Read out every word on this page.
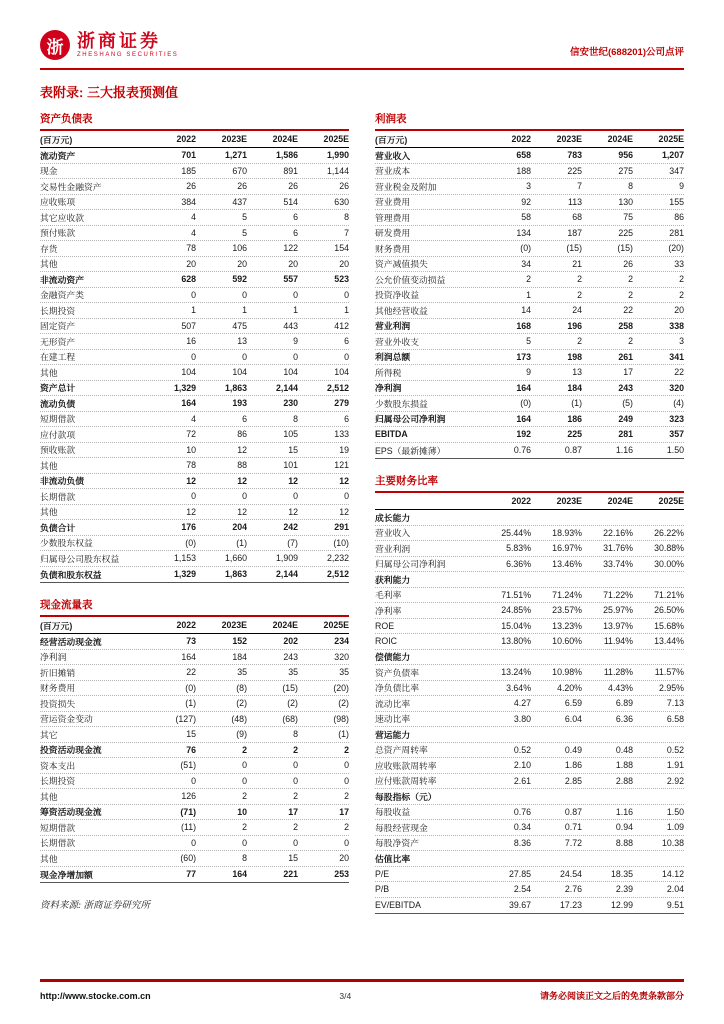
浙 浙商证券
ZHESHANG SECURITIES	信安世纪(688201)公司点评
表附录: 三大报表预测值
资产负债表
(百万元)	2022	2023E	2024E	2025E
流动资产	701	1,271	1,586	1,990
现金	185	670	891	1,144
交易性金融资产	26	26	26	26
应收账项	384	437	514	630
其它应收款	4	5	6	8
预付账款	4	5	6	7
存货	78	106	122	154
其他	20	20	20	20
非流动资产	628	592	557	523
金融资产类	0	0	0	0
长期投资	1	1	1	1
固定资产	507	475	443	412
无形资产	16	13	9	6
在建工程	0	0	0	0
其他	104	104	104	104
资产总计	1,329	1,863	2,144	2,512
流动负债	164	193	230	279
短期借款	4	6	8	6
应付款项	72	86	105	133
预收账款	10	12	15	19
其他	78	88	101	121
非流动负债	12	12	12	12
长期借款	0	0	0	0
其他	12	12	12	12
负债合计	176	204	242	291
少数股东权益	(0)	(1)	(7)	(10)
归属母公司股东权益	1,153	1,660	1,909	2,232
负债和股东权益	1,329	1,863	2,144	2,512
现金流量表
(百万元)	2022	2023E	2024E	2025E
经营活动现金流	73	152	202	234
净利润	164	184	243	320
折旧摊销	22	35	35	35
财务费用	(0)	(8)	(15)	(20)
投资损失	(1)	(2)	(2)	(2)
营运资金变动	(127)	(48)	(68)	(98)
其它	15	(9)	8	(1)
投资活动现金流	76	2	2	2
资本支出	(51)	0	0	0
长期投资	0	0	0	0
其他	126	2	2	2
筹资活动现金流	(71)	10	17	17
短期借款	(11)	2	2	2
长期借款	0	0	0	0
其他	(60)	8	15	20
现金净增加额	77	164	221	253
资料来源: 浙商证券研究所
利润表
(百万元)	2022	2023E	2024E	2025E
营业收入	658	783	956	1,207
营业成本	188	225	275	347
营业税金及附加	3	7	8	9
营业费用	92	113	130	155
管理费用	58	68	75	86
研发费用	134	187	225	281
财务费用	(0)	(15)	(15)	(20)
资产减值损失	34	21	26	33
公允价值变动损益	2	2	2	2
投资净收益	1	2	2	2
其他经营收益	14	24	22	20
营业利润	168	196	258	338
营业外收支	5	2	2	3
利润总额	173	198	261	341
所得税	9	13	17	22
净利润	164	184	243	320
少数股东损益	(0)	(1)	(5)	(4)
归属母公司净利润	164	186	249	323
EBITDA	192	225	281	357
EPS（最新摊薄）	0.76	0.87	1.16	1.50
主要财务比率
2022	2023E	2024E	2025E
成长能力
营业收入	25.44%	18.93%	22.16%	26.22%
营业利润	5.83%	16.97%	31.76%	30.88%
归属母公司净利润	6.36%	13.46%	33.74%	30.00%
获利能力
毛利率	71.51%	71.24%	71.22%	71.21%
净利率	24.85%	23.57%	25.97%	26.50%
ROE	15.04%	13.23%	13.97%	15.68%
ROIC	13.80%	10.60%	11.94%	13.44%
偿债能力
资产负债率	13.24%	10.98%	11.28%	11.57%
净负债比率	3.64%	4.20%	4.43%	2.95%
流动比率	4.27	6.59	6.89	7.13
速动比率	3.80	6.04	6.36	6.58
营运能力
总资产周转率	0.52	0.49	0.48	0.52
应收账款周转率	2.10	1.86	1.88	1.91
应付账款周转率	2.61	2.85	2.88	2.92
每股指标（元）
每股收益	0.76	0.87	1.16	1.50
每股经营现金	0.34	0.71	0.94	1.09
每股净资产	8.36	7.72	8.88	10.38
估值比率
P/E	27.85	24.54	18.35	14.12
P/B	2.54	2.76	2.39	2.04
EV/EBITDA	39.67	17.23	12.99	9.51
http://www.stocke.com.cn	3/4	请务必阅读正文之后的免责条款部分
